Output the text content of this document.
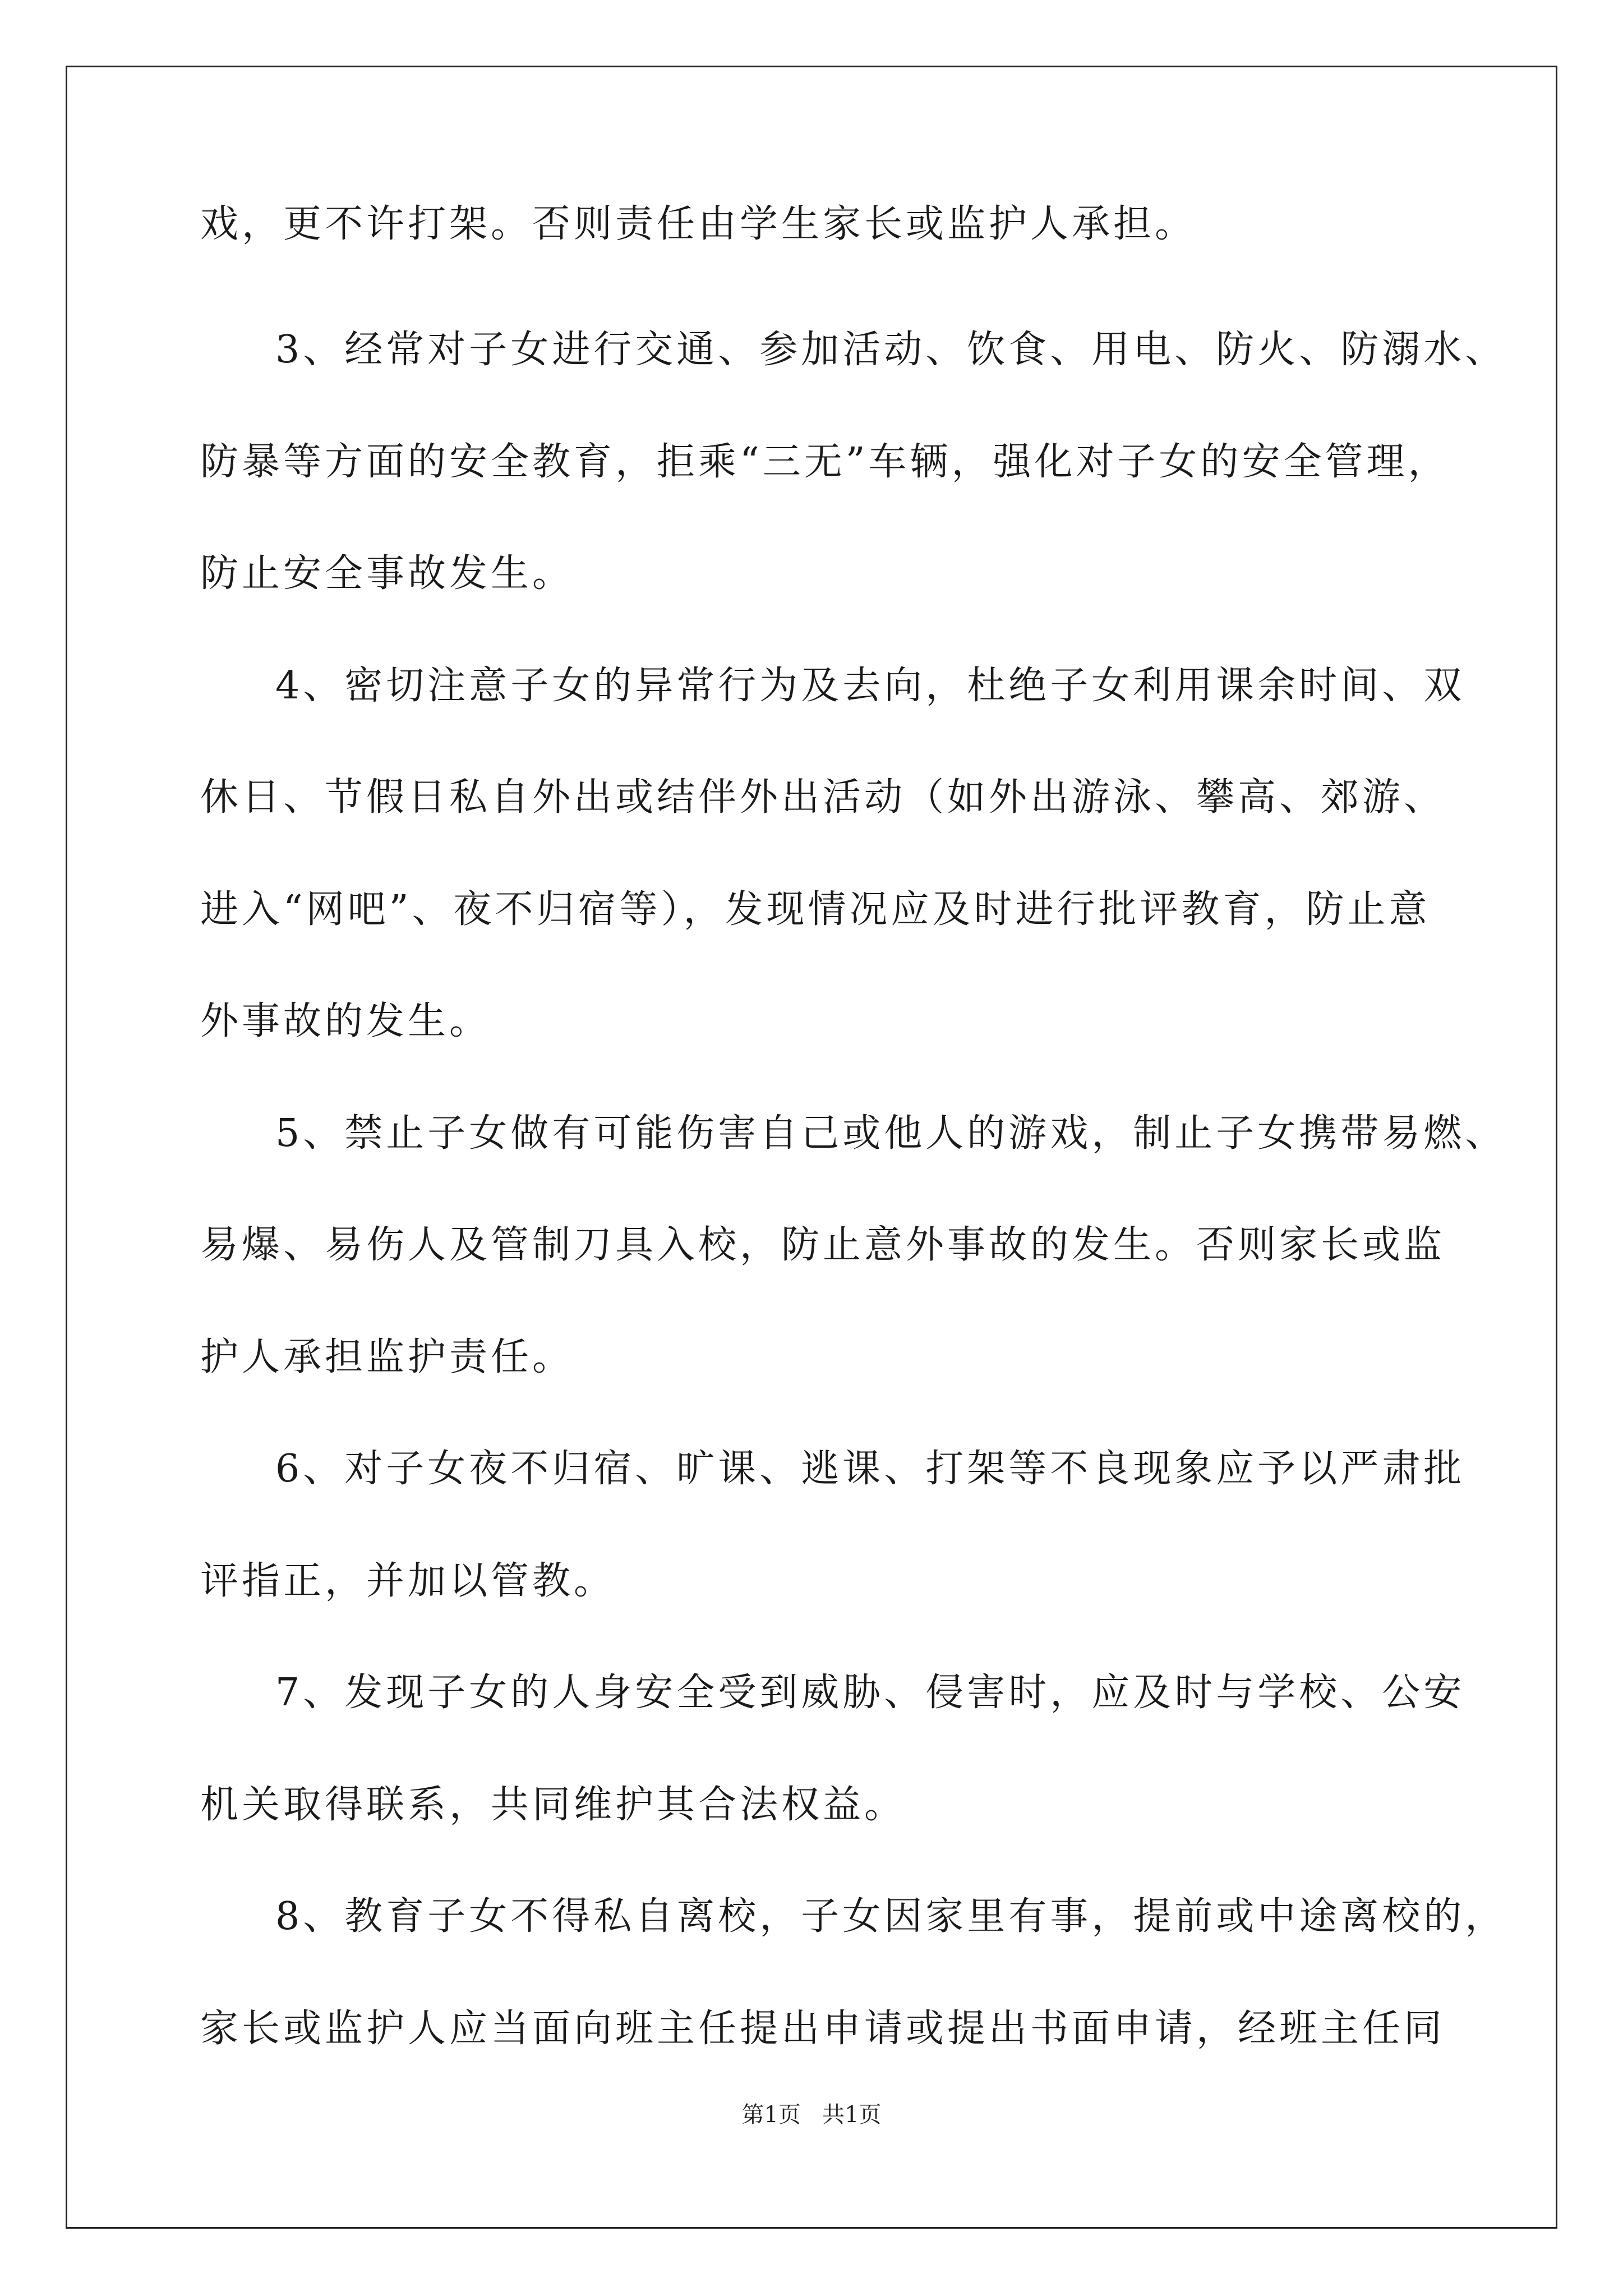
戏，更不许打架。否则责任由学生家长或监护人承担。
3、经常对子女进行交通、参加活动、饮食、用电、防火、防溺水、
防暴等方面的安全教育，拒乘“三无”车辆，强化对子女的安全管理，
防止安全事故发生。
4、密切注意子女的异常行为及去向，杜绝子女利用课余时间、双
休日、节假日私自外出或结伴外出活动（如外出游泳、攀高、郊游、
进入“网吧”、夜不归宿等），发现情况应及时进行批评教育，防止意
外事故的发生。
5、禁止子女做有可能伤害自己或他人的游戏，制止子女携带易燃、
易爆、易伤人及管制刀具入校，防止意外事故的发生。否则家长或监
护人承担监护责任。
6、对子女夜不归宿、旷课、逃课、打架等不良现象应予以严肃批
评指正，并加以管教。
7、发现子女的人身安全受到威胁、侵害时，应及时与学校、公安
机关取得联系，共同维护其合法权益。
8、教育子女不得私自离校，子女因家里有事，提前或中途离校的，
家长或监护人应当面向班主任提出申请或提出书面申请，经班主任同
第1页   共1页
